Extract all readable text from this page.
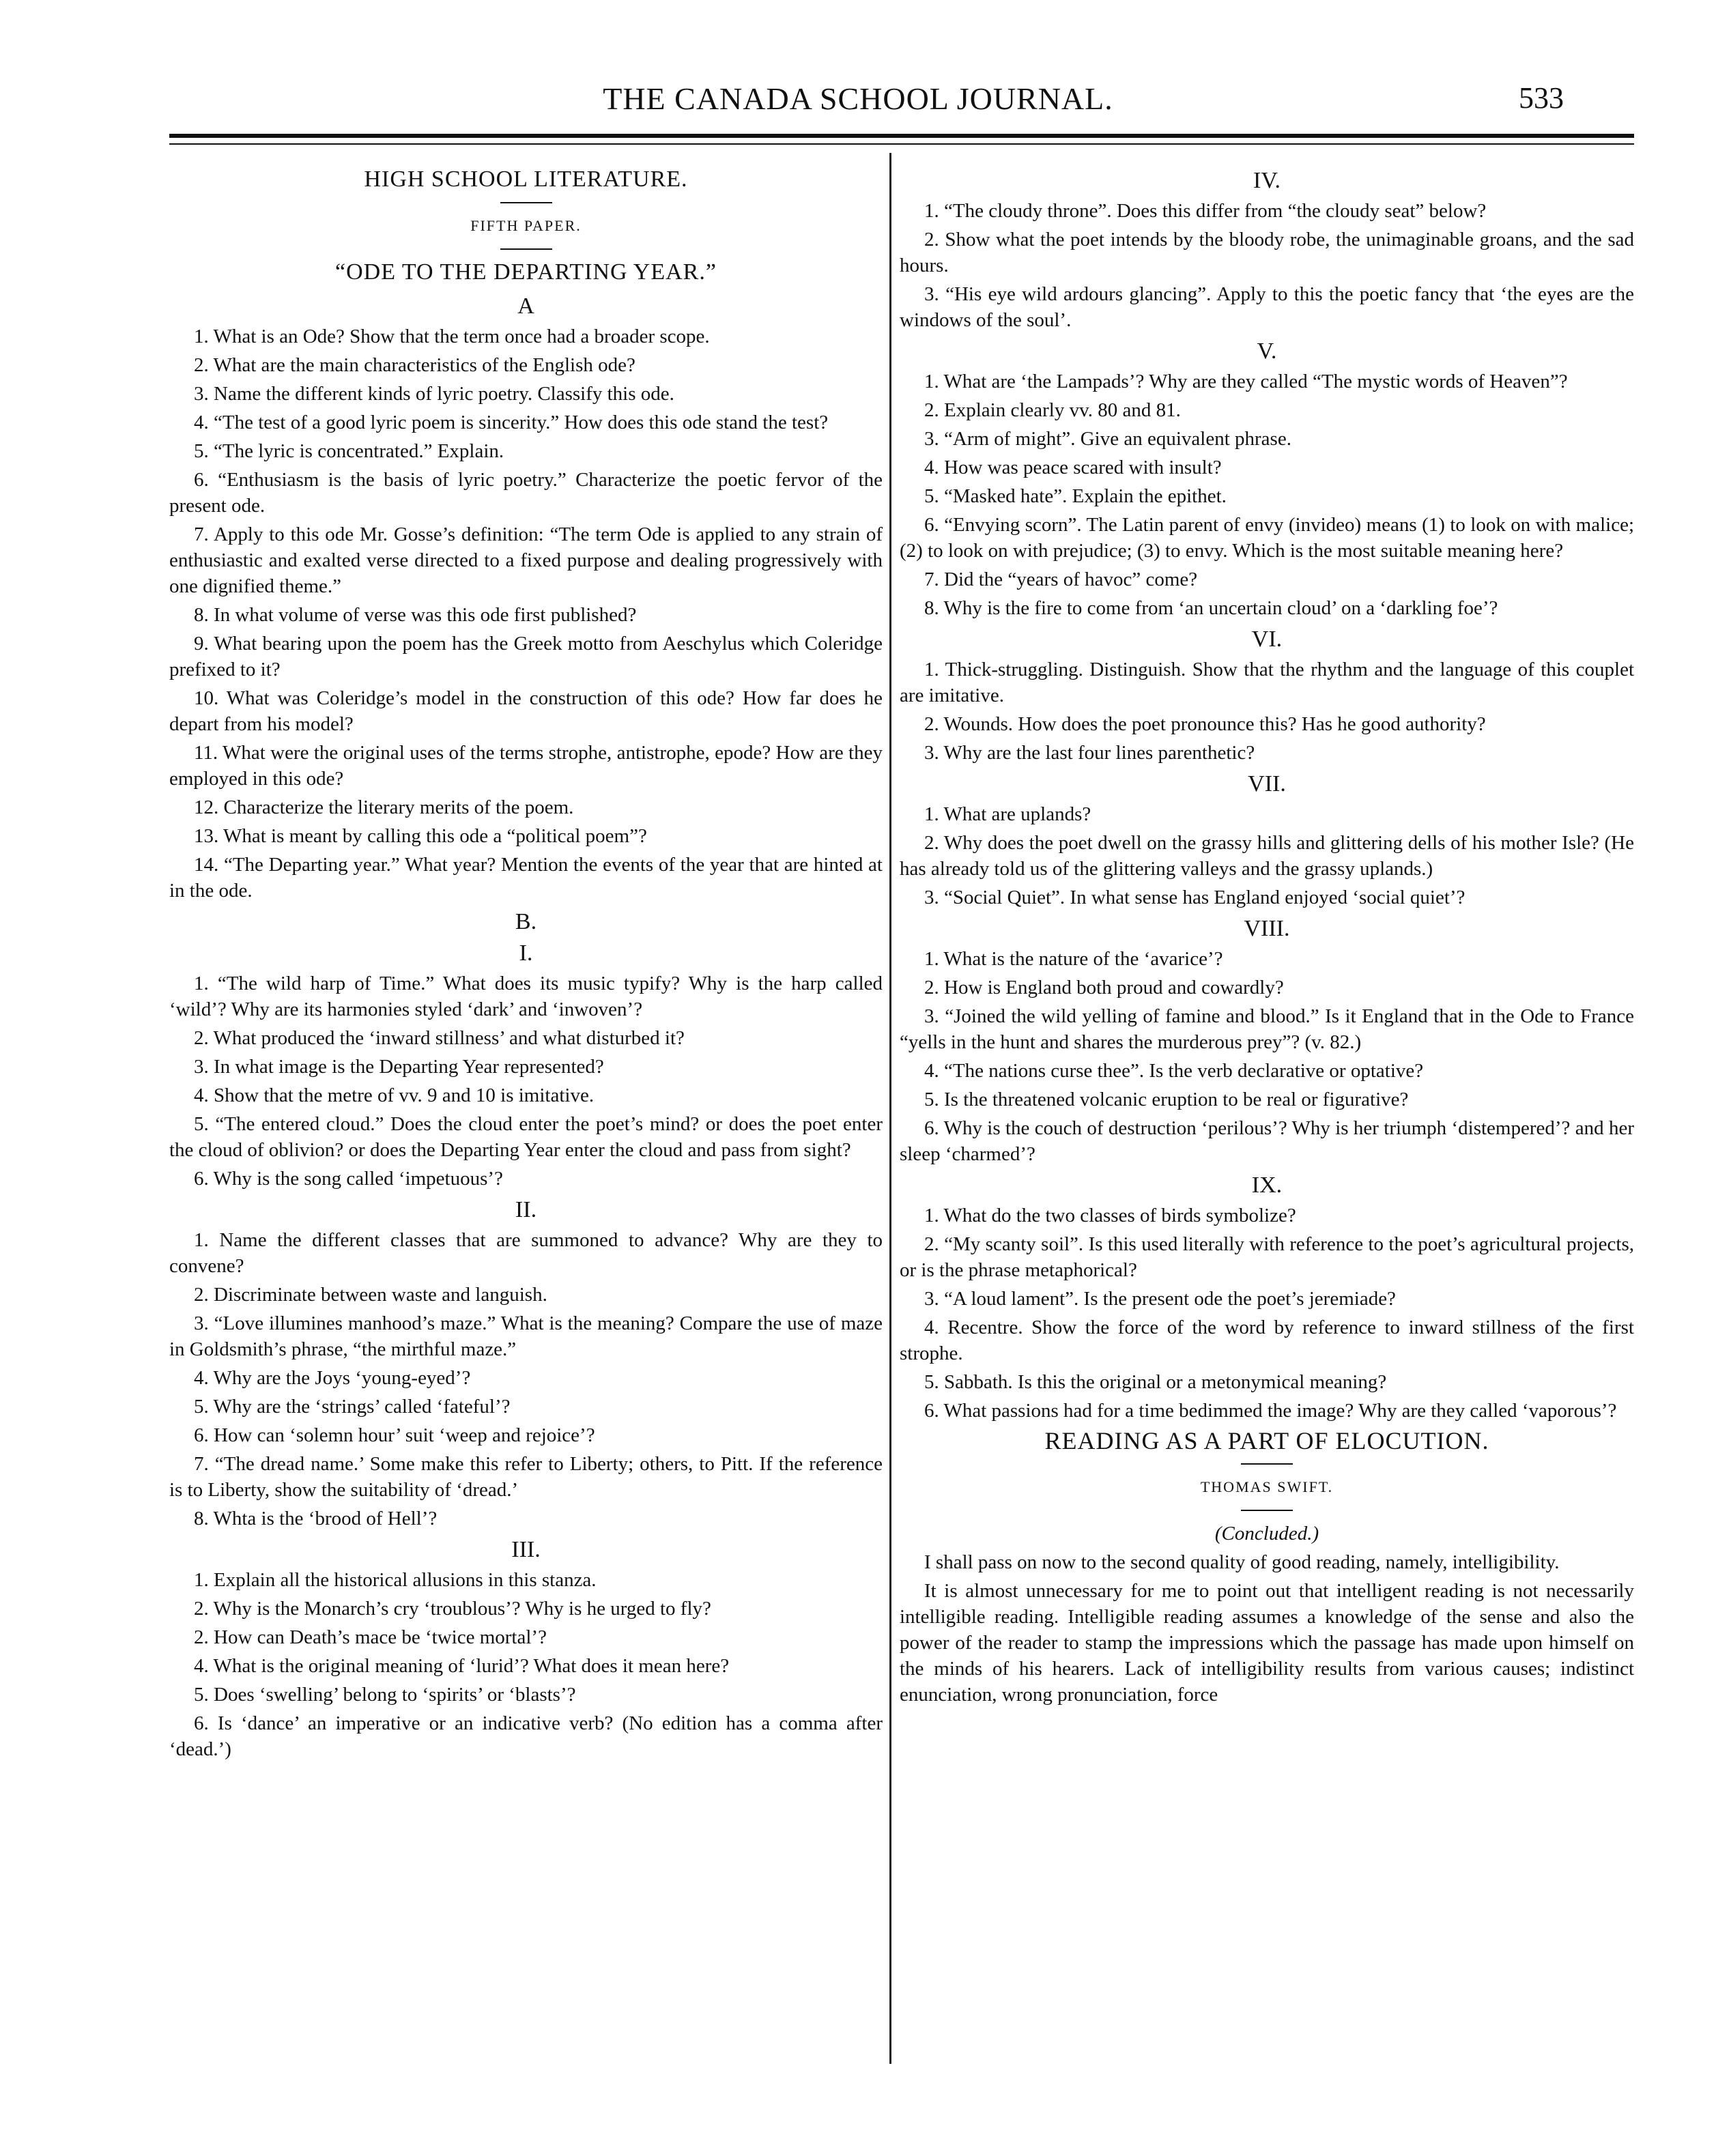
THE CANADA SCHOOL JOURNAL.	533

HIGH SCHOOL LITERATURE.

FIFTH PAPER.

“ODE TO THE DEPARTING YEAR.”

A

1. What is an Ode? Show that the term once had a broader scope.

2. What are the main characteristics of the English ode?

3. Name the different kinds of lyric poetry. Classify this ode.

4. “The test of a good lyric poem is sincerity.” How does this ode stand the test?

5. “The lyric is concentrated.” Explain.

6. “Enthusiasm is the basis of lyric poetry.” Characterize the poetic fervor of the present ode.

7. Apply to this ode Mr. Gosse’s definition: “The term Ode is applied to any strain of enthusiastic and exalted verse directed to a fixed purpose and dealing progressively with one dignified theme.”

8. In what volume of verse was this ode first published?

9. What bearing upon the poem has the Greek motto from Aeschylus which Coleridge prefixed to it?

10. What was Coleridge’s model in the construction of this ode? How far does he depart from his model?

11. What were the original uses of the terms strophe, antistrophe, epode? How are they employed in this ode?

12. Characterize the literary merits of the poem.

13. What is meant by calling this ode a “political poem”?

14. “The Departing year.” What year? Mention the events of the year that are hinted at in the ode.

B.

I.

1. “The wild harp of Time.” What does its music typify? Why is the harp called ‘wild’? Why are its harmonies styled ‘dark’ and ‘inwoven’?

2. What produced the ‘inward stillness’ and what disturbed it?

3. In what image is the Departing Year represented?

4. Show that the metre of vv. 9 and 10 is imitative.

5. “The entered cloud.” Does the cloud enter the poet’s mind? or does the poet enter the cloud of oblivion? or does the Departing Year enter the cloud and pass from sight?

6. Why is the song called ‘impetuous’?

II.

1. Name the different classes that are summoned to advance? Why are they to convene?

2. Discriminate between waste and languish.

3. “Love illumines manhood’s maze.” What is the meaning? Compare the use of maze in Goldsmith’s phrase, “the mirthful maze.”

4. Why are the Joys ‘young-eyed’?

5. Why are the ‘strings’ called ‘fateful’?

6. How can ‘solemn hour’ suit ‘weep and rejoice’?

7. “The dread name.’ Some make this refer to Liberty; others, to Pitt. If the reference is to Liberty, show the suitability of ‘dread.’

8. Whta is the ‘brood of Hell’?

III.

1. Explain all the historical allusions in this stanza.

2. Why is the Monarch’s cry ‘troublous’? Why is he urged to fly?

2. How can Death’s mace be ‘twice mortal’?

4. What is the original meaning of ‘lurid’? What does it mean here?

5. Does ‘swelling’ belong to ‘spirits’ or ‘blasts’?

6. Is ‘dance’ an imperative or an indicative verb? (No edition has a comma after ‘dead.’)

IV.

1. “The cloudy throne”. Does this differ from “the cloudy seat” below?

2. Show what the poet intends by the bloody robe, the unimaginable groans, and the sad hours.

3. “His eye wild ardours glancing”. Apply to this the poetic fancy that ‘the eyes are the windows of the soul’.

V.

1. What are ‘the Lampads’? Why are they called “The mystic words of Heaven”?

2. Explain clearly vv. 80 and 81.

3. “Arm of might”. Give an equivalent phrase.

4. How was peace scared with insult?

5. “Masked hate”. Explain the epithet.

6. “Envying scorn”. The Latin parent of envy (invideo) means (1) to look on with malice; (2) to look on with prejudice; (3) to envy. Which is the most suitable meaning here?

7. Did the “years of havoc” come?

8. Why is the fire to come from ‘an uncertain cloud’ on a ‘darkling foe’?

VI.

1. Thick-struggling. Distinguish. Show that the rhythm and the language of this couplet are imitative.

2. Wounds. How does the poet pronounce this? Has he good authority?

3. Why are the last four lines parenthetic?

VII.

1. What are uplands?

2. Why does the poet dwell on the grassy hills and glittering dells of his mother Isle? (He has already told us of the glittering valleys and the grassy uplands.)

3. “Social Quiet”. In what sense has England enjoyed ‘social quiet’?

VIII.

1. What is the nature of the ‘avarice’?

2. How is England both proud and cowardly?

3. “Joined the wild yelling of famine and blood.” Is it England that in the Ode to France “yells in the hunt and shares the murderous prey”? (v. 82.)

4. “The nations curse thee”. Is the verb declarative or optative?

5. Is the threatened volcanic eruption to be real or figurative?

6. Why is the couch of destruction ‘perilous’? Why is her triumph ‘distempered’? and her sleep ‘charmed’?

IX.

1. What do the two classes of birds symbolize?

2. “My scanty soil”. Is this used literally with reference to the poet’s agricultural projects, or is the phrase metaphorical?

3. “A loud lament”. Is the present ode the poet’s jeremiade?

4. Recentre. Show the force of the word by reference to inward stillness of the first strophe.

5. Sabbath. Is this the original or a metonymical meaning?

6. What passions had for a time bedimmed the image? Why are they called ‘vaporous’?

READING AS A PART OF ELOCUTION.

THOMAS SWIFT.

(Concluded.)

I shall pass on now to the second quality of good reading, namely, intelligibility.

It is almost unnecessary for me to point out that intelligent reading is not necessarily intelligible reading. Intelligible reading assumes a knowledge of the sense and also the power of the reader to stamp the impressions which the passage has made upon himself on the minds of his hearers. Lack of intelligibility results from various causes; indistinct enunciation, wrong pronunciation, force
